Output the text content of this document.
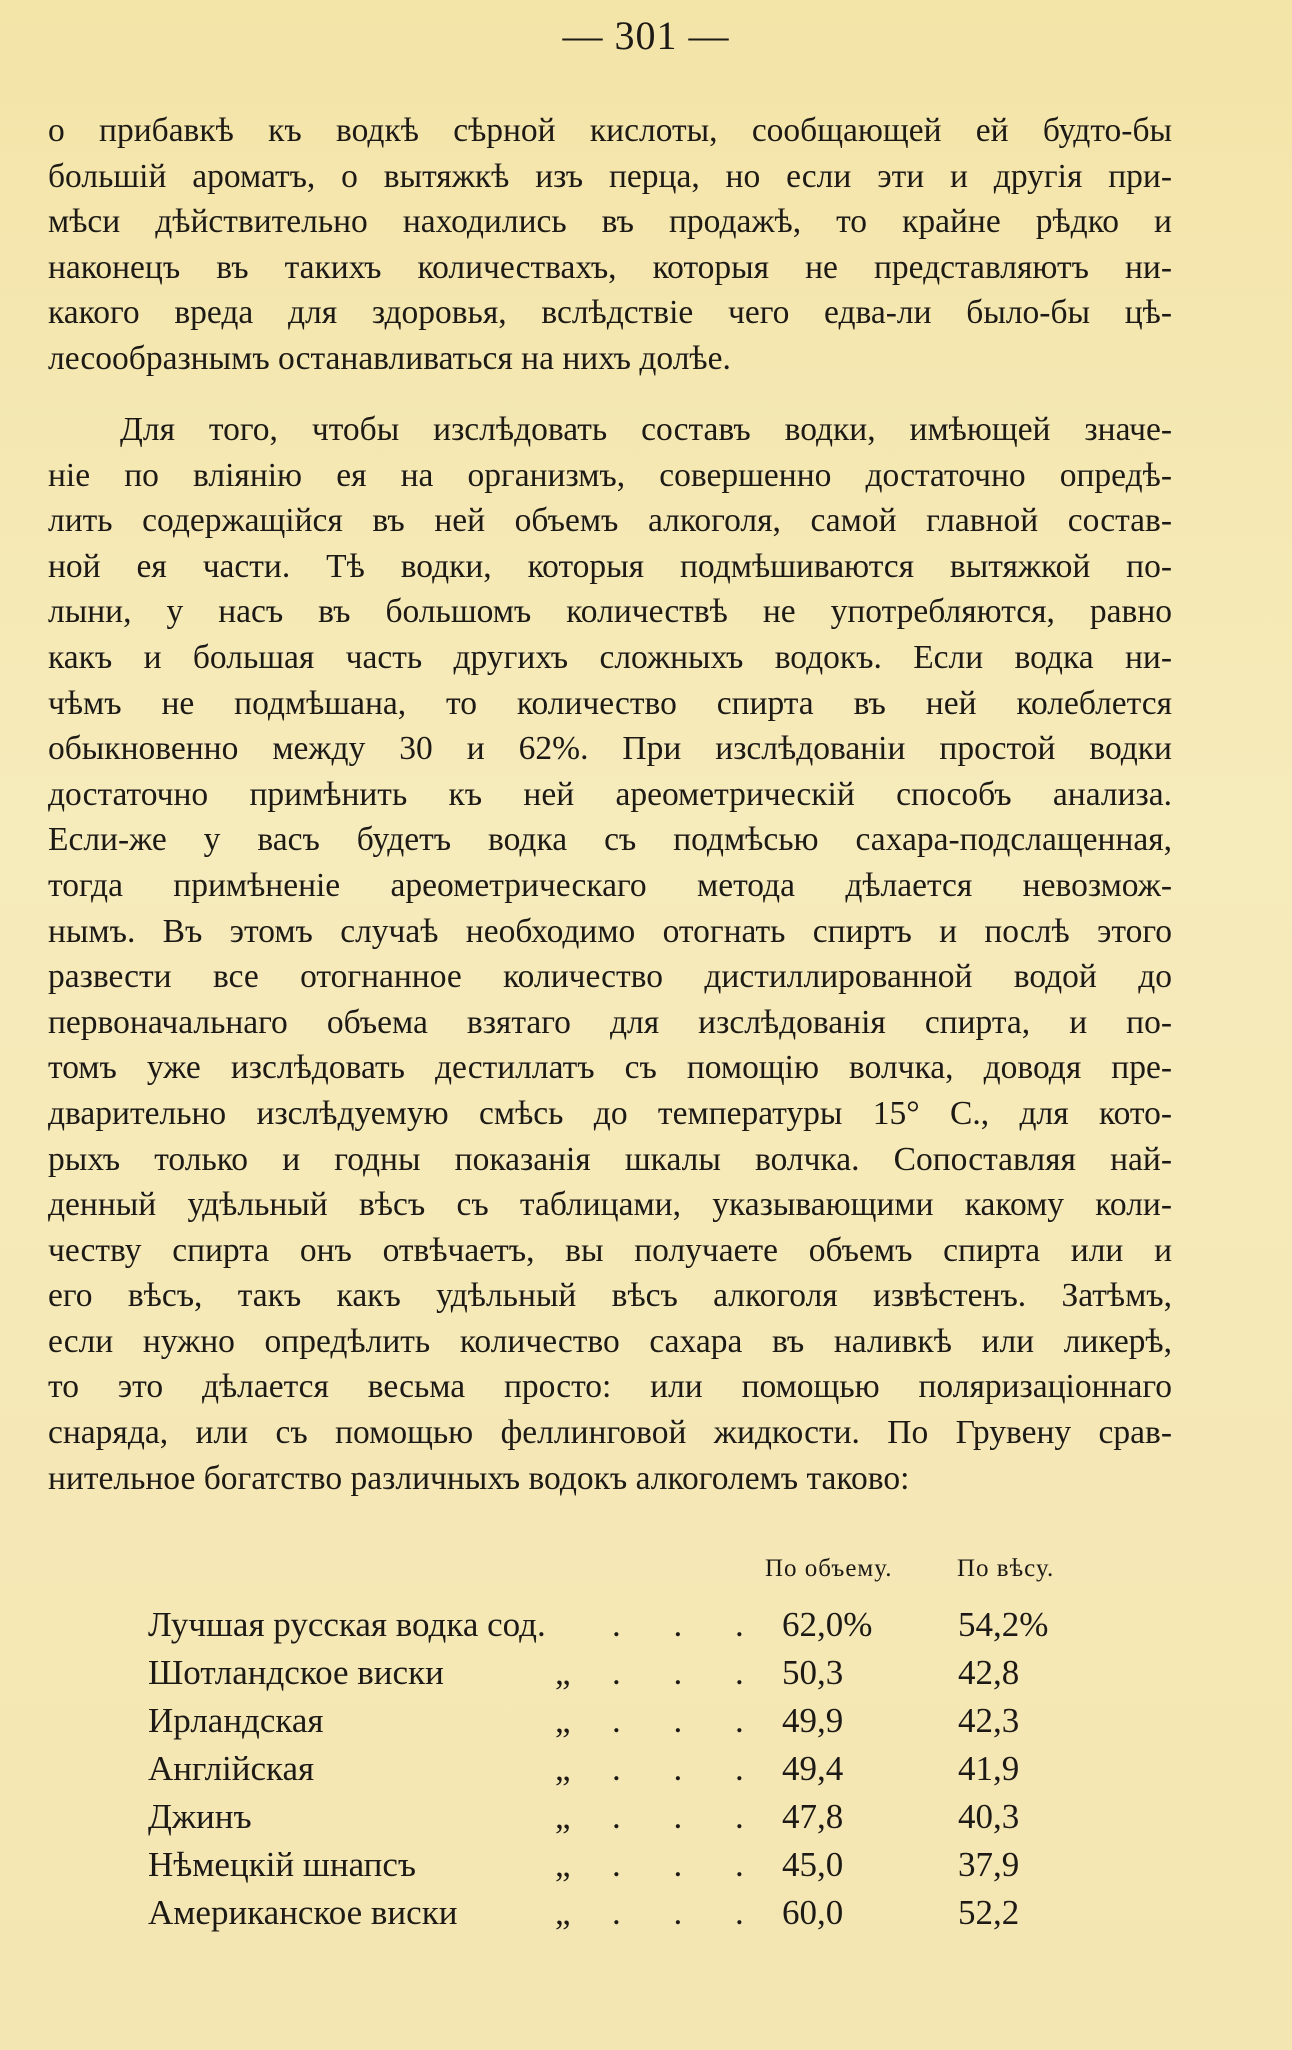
— 301 —
о прибавкѣ къ водкѣ сѣрной кислоты, сообщающей ей будто-бы
большій ароматъ, о вытяжкѣ изъ перца, но если эти и другія при-
мѣси дѣйствительно находились въ продажѣ, то крайне рѣдко и
наконецъ въ такихъ количествахъ, которыя не представляютъ ни-
какого вреда для здоровья, вслѣдствіе чего едва-ли было-бы цѣ-
лесообразнымъ останавливаться на нихъ долѣе.
Для того, чтобы изслѣдовать составъ водки, имѣющей значе-
ніе по вліянію ея на организмъ, совершенно достаточно опредѣ-
лить содержащійся въ ней объемъ алкоголя, самой главной состав-
ной ея части. Тѣ водки, которыя подмѣшиваются вытяжкой по-
лыни, у насъ въ большомъ количествѣ не употребляются, равно
какъ и большая часть другихъ сложныхъ водокъ. Если водка ни-
чѣмъ не подмѣшана, то количество спирта въ ней колеблется
обыкновенно между 30 и 62%. При изслѣдованіи простой водки
достаточно примѣнить къ ней ареометрическій способъ анализа.
Если-же у васъ будетъ водка съ подмѣсью сахара-подслащенная,
тогда примѣненіе ареометрическаго метода дѣлается невозмож-
нымъ. Въ этомъ случаѣ необходимо отогнать спиртъ и послѣ этого
развести все отогнанное количество дистиллированной водой до
первоначальнаго объема взятаго для изслѣдованія спирта, и по-
томъ уже изслѣдовать дестиллатъ съ помощію волчка, доводя пре-
дварительно изслѣдуемую смѣсь до температуры 15° С., для кото-
рыхъ только и годны показанія шкалы волчка. Сопоставляя най-
денный удѣльный вѣсъ съ таблицами, указывающими какому коли-
честву спирта онъ отвѣчаетъ, вы получаете объемъ спирта или и
его вѣсъ, такъ какъ удѣльный вѣсъ алкоголя извѣстенъ. Затѣмъ,
если нужно опредѣлить количество сахара въ наливкѣ или ликерѣ,
то это дѣлается весьма просто: или помощью поляризаціоннаго
снаряда, или съ помощью феллинговой жидкости. По Грувену срав-
нительное богатство различныхъ водокъ алкоголемъ таково:
По объему.	По вѣсу.
Лучшая русская водка сод. . . . 62,0% 54,2%
Шотландское виски	„ . . . 50,3	42,8
Ирландская	„ . . . 49,9	42,3
Англійская	„ . . . 49,4	41,9
Джинъ	„ . . . 47,8	40,3
Нѣмецкій шнапсъ	„ . . . 45,0	37,9
Американское виски	„ . . . 60,0	52,2
